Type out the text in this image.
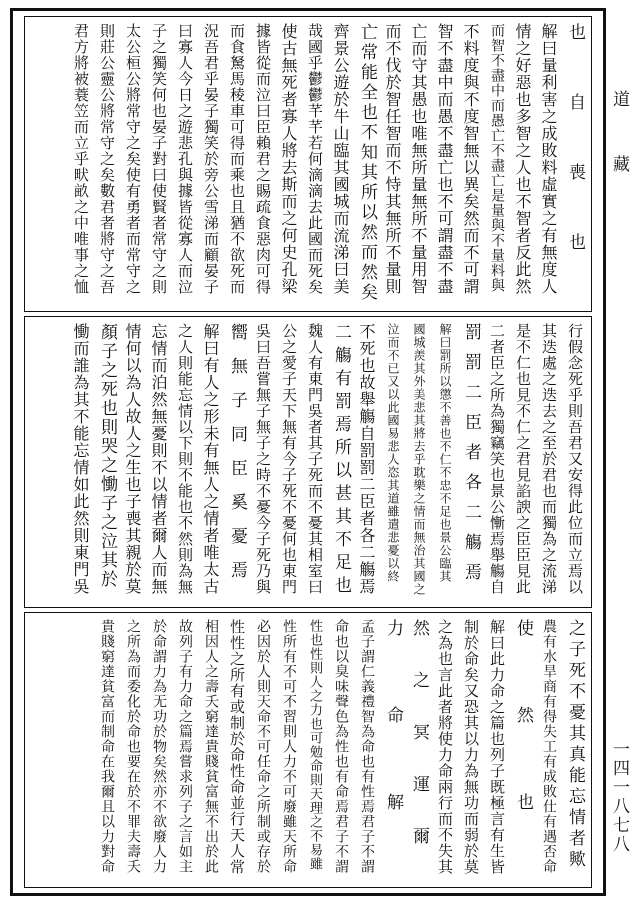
也自喪也
解曰量利害之成敗料虛實之有無度人
情之好惡也多智之人也不智者反此然
而智不盡中而愚亡不盡亡是量與不量料與
不料度與不度智無以異矣然而不可謂
智不盡中而愚不盡亡也不可謂盡不盡
亡而守其愚也唯無所量無所不量用智
而不伐於智任智而不恃其無所不量則
亡常能全也不知其所以然而然矣
齊景公遊於牛山臨其國城而流涕曰美
哉國乎鬱鬱芊芊若何滴滴去此國而死矣
使古無死者寡人將去斯而之何史孔梁
據皆從而泣曰臣賴君之賜疏食惡肉可得
而食駑馬稜車可得而乘也且猶不欲死而
況吾君乎晏子獨笑於旁公雪涕而顧晏子
曰寡人今日之遊悲孔與據皆從寡人而泣
子之獨笑何也晏子對曰使賢者常守之則
太公桓公將常守之矣使有勇者而常守之
則莊公靈公將常守之矣數君者將守之吾
君方將被蓑笠而立乎畎畝之中唯事之恤
行假念死乎則吾君又安得此位而立焉以
其迭處之迭去之至於君也而獨為之流涕
是不仁也見不仁之君見諂諛之臣臣見此
二者臣之所為獨竊笑也景公慚焉舉觴自
罰罰二臣者各二觴焉
解曰罰所以懲不善也不仁不忠不足也景公臨其
國城羨其外美悲其將去乎耽樂之情而無治其國之
泣而不已又以此國易悲人恣其道雖遣悲憂以終
不死也故舉觴自罰罰二臣者各二觴焉
二觴有罰焉所以甚其不足也
魏人有東門吳者其子死而不憂其相室曰
公之愛子天下無有今子死不憂何也東門
吳曰吾嘗無子無子之時不憂今子死乃與
嚮無子同臣奚憂焉
解曰有人之形未有無人之情者唯太古
之人則能忘情以下則不能也不然則為無
忘情而泊然無憂則不以情者爾人而無
情何以為人故人之生也子喪其親於莫
顏子之死也則哭之慟子之泣其於
慟而誰為其不能忘情如此然則東門吳
之子死不憂其真能忘情者歟
農有水旱商有得失工有成敗仕有遇否命
使然也
解曰此力命之篇也列子既極言有生皆
制於命矣又恐其以力為無功而弱於莫
之為也言此者將使力命兩行而不失其
然之冥運爾
力命解
孟子謂仁義禮智為命也有性焉君子不謂
命也以臭味聲色為性也有命焉君子不謂
性也性則人之力也可勉命則天理之不易雖
性所有不可不習則人力不可廢雖天所命
必因於人則天命不可任命之所制或存於
性性之所有或制於命性命並行天人常
相因人之壽夭窮達貴賤貧富無不出於此
故列子有力命之篇焉嘗求列子之言如主
於命謂力為无功於物矣然亦不欲廢人力
之所為而委化於命也要在於不罪夫壽夭
貴賤窮達貧富而制命在我爾且以力對命
道 藏
一四一八七八
